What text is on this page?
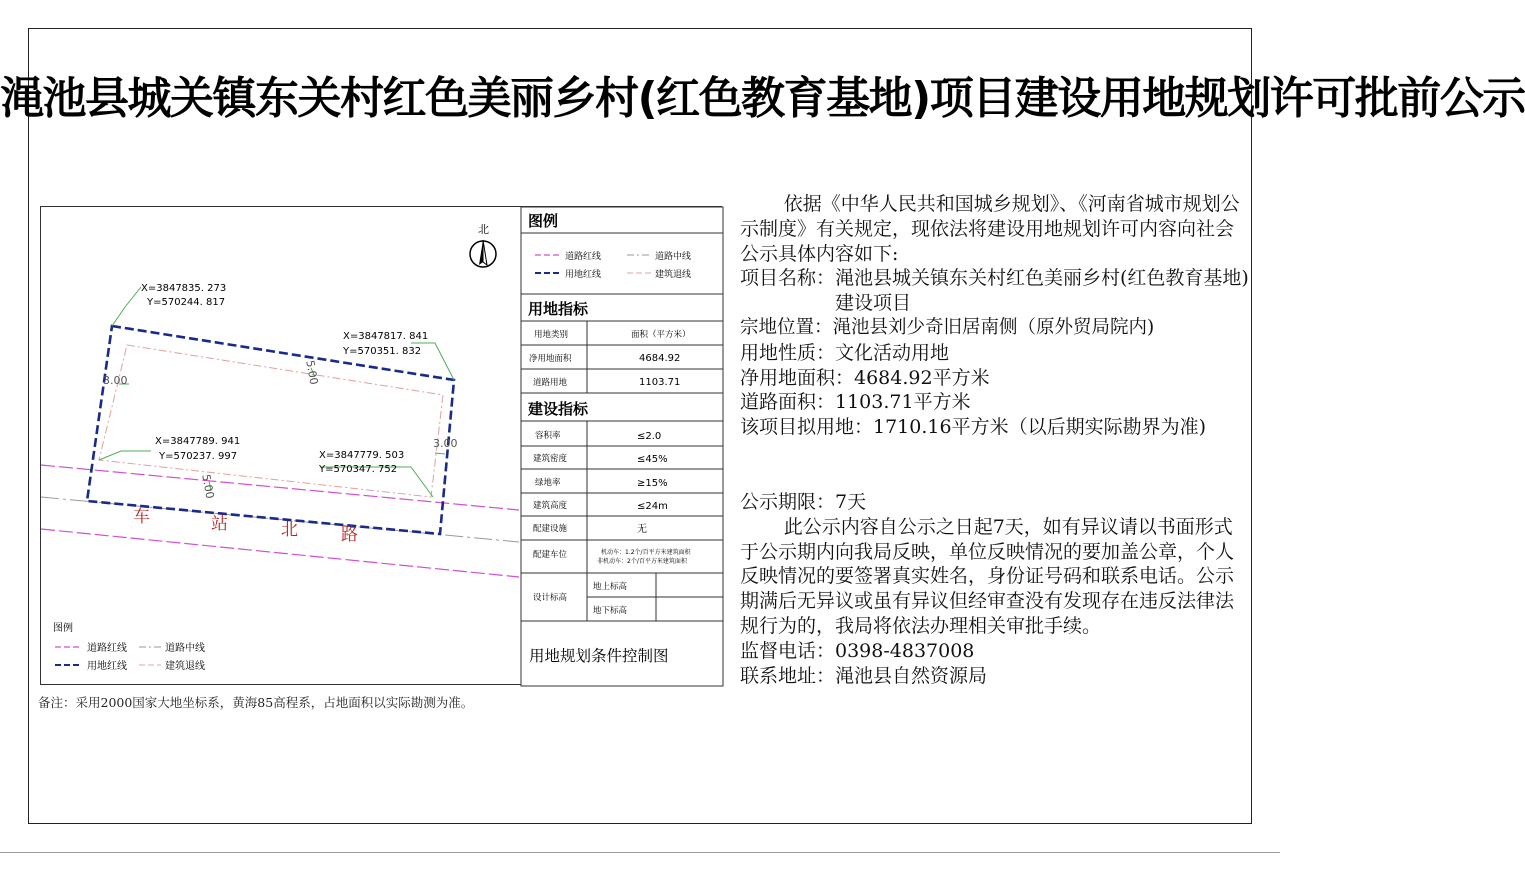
渑池县城关镇东关村红色美丽乡村(红色教育基地)项目建设用地规划许可批前公示
X=3847835. 273
Y=570244. 817
X=3847817. 841
Y=570351. 832
X=3847789. 941
Y=570237. 997	X=3847779. 503
Y=570347. 752
3.00	5.00
3.00
5.00
车	站	北	路
北
图例
道路红线	道路中线
用地红线	建筑退线
图例
道路红线	道路中线
用地红线	建筑退线
用地指标
用地类别	面积（平方米）
净用地面积	4684.92
道路用地	1103.71
建设指标
容积率	≤2.0
建筑密度	≤45%
绿地率	≥15%
建筑高度	≤24m
配建设施	无
配建车位	机动车：1.2个/百平方米建筑面积
非机动车：2个/百平方米建筑面积
设计标高
地上标高
地下标高
用地规划条件控制图
备注：采用2000国家大地坐标系，黄海85高程系，占地面积以实际勘测为准。

依据《中华人民共和国城乡规划》、《河南省城市规划公示制度》有关规定，现依法将建设用地规划许可内容向社会公示具体内容如下:

项目名称：渑池县城关镇东关村红色美丽乡村(红色教育基地)建设项目

宗地位置：渑池县刘少奇旧居南侧（原外贸局院内)

用地性质：文化活动用地

净用地面积：4684.92平方米

道路面积：1103.71平方米

该项目拟用地：1710.16平方米（以后期实际勘界为准)

公示期限：7天

此公示内容自公示之日起7天，如有异议请以书面形式于公示期内向我局反映，单位反映情况的要加盖公章，个人反映情况的要签署真实姓名，身份证号码和联系电话。公示期满后无异议或虽有异议但经审查没有发现存在违反法律法规行为的，我局将依法办理相关审批手续。

监督电话：0398-4837008

联系地址：渑池县自然资源局
